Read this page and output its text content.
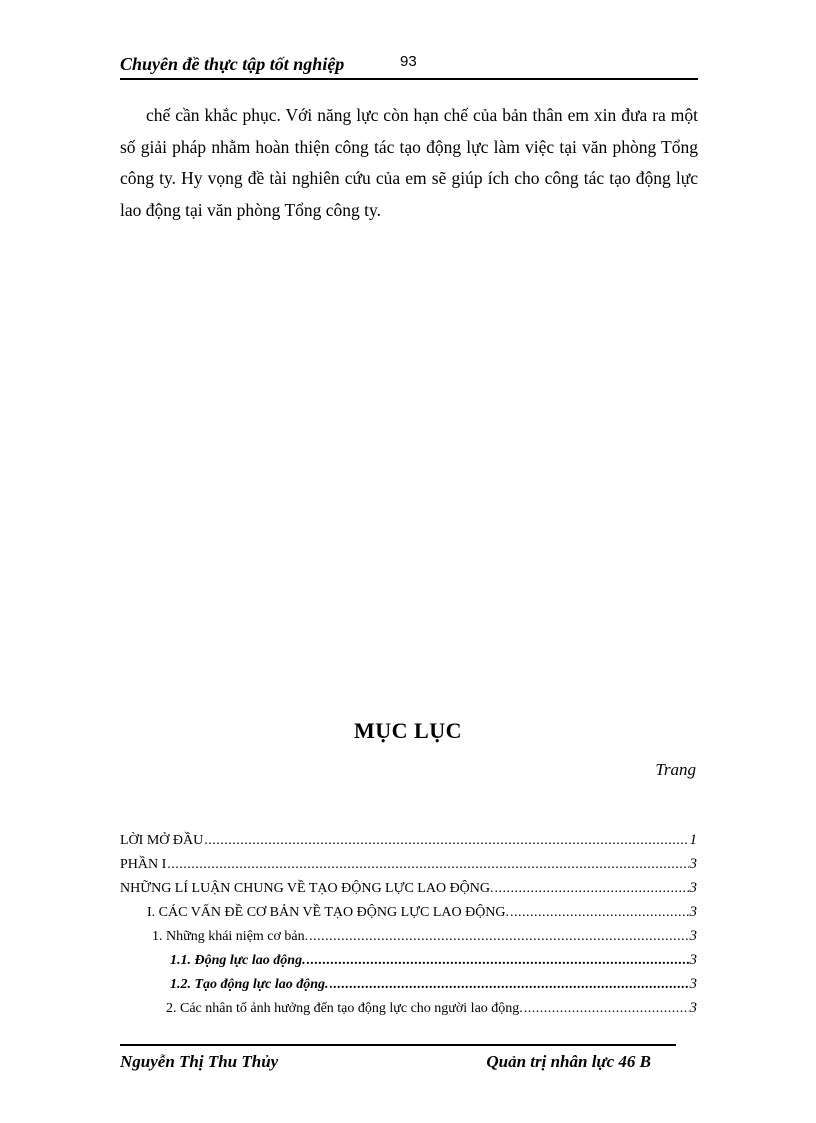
Chuyên đề thực tập tốt nghiệp	93

chế cần khắc phục. Với năng lực còn hạn chế của bản thân em xin đưa ra một số giải pháp nhằm hoàn thiện công tác tạo động lực làm việc tại văn phòng Tổng công ty. Hy vọng đề tài nghiên cứu của em sẽ giúp ích cho công tác tạo động lực lao động tại văn phòng Tổng công ty.

MỤC LỤC
Trang
LỜI MỞ ĐẦU .....	1
PHẦN I .....	3
NHỮNG LÍ LUẬN CHUNG VỀ TẠO ĐỘNG LỰC LAO ĐỘNG. .....	3
I. CÁC VẤN ĐỀ CƠ BẢN VỀ TẠO ĐỘNG LỰC LAO ĐỘNG. .....	3
1. Những khái niệm cơ bản. .....	3
1.1. Động lực lao động. .....	3
1.2. Tạo động lực lao động. .....	3
2. Các nhân tố ảnh hưởng đến tạo động lực cho người lao động. .....	3
Nguyễn Thị Thu Thủy	Quản trị nhân lực 46 B
